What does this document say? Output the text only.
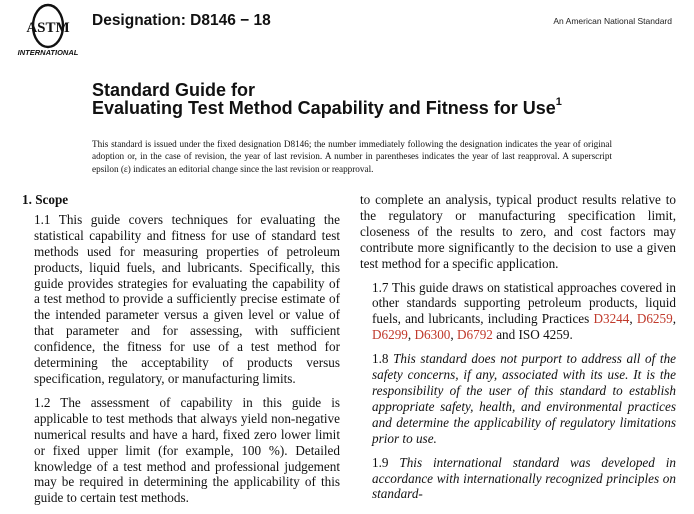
ASTM
INTERNATIONAL
Designation: D8146 − 18	An American National Standard
Standard Guide for
Evaluating Test Method Capability and Fitness for Use$^1$
This standard is issued under the fixed designation D8146; the number immediately following the designation indicates the year of original adoption or, in the case of revision, the year of last revision. A number in parentheses indicates the year of last reapproval. A superscript epsilon (ε) indicates an editorial change since the last revision or reapproval.
1. Scope
1.1 This guide covers techniques for evaluating the statistical capability and fitness for use of standard test methods used for measuring properties of petroleum products, liquid fuels, and lubricants. Specifically, this guide provides strategies for evaluating the capability of a test method to provide a sufficiently precise estimate of the intended parameter versus a given level or value of that parameter and for assessing, with sufficient confidence, the fitness for use of a test method for determining the acceptability of products versus specification, regulatory, or manufacturing limits.
1.2 The assessment of capability in this guide is applicable to test methods that always yield non-negative numerical results and have a hard, fixed zero lower limit or fixed upper limit (for example, 100 %). Detailed knowledge of a test method and professional judgement may be required in determining the applicability of this guide to certain test methods.
to complete an analysis, typical product results relative to the regulatory or manufacturing specification limit, closeness of the results to zero, and cost factors may contribute more significantly to the decision to use a given test method for a specific application.
1.7 This guide draws on statistical approaches covered in other standards supporting petroleum products, liquid fuels, and lubricants, including Practices D3244, D6259, D6299, D6300, D6792 and ISO 4259.
1.8 This standard does not purport to address all of the safety concerns, if any, associated with its use. It is the responsibility of the user of this standard to establish appropriate safety, health, and environmental practices and determine the applicability of regulatory limitations prior to use.
1.9 This international standard was developed in accordance with internationally recognized principles on standard-
